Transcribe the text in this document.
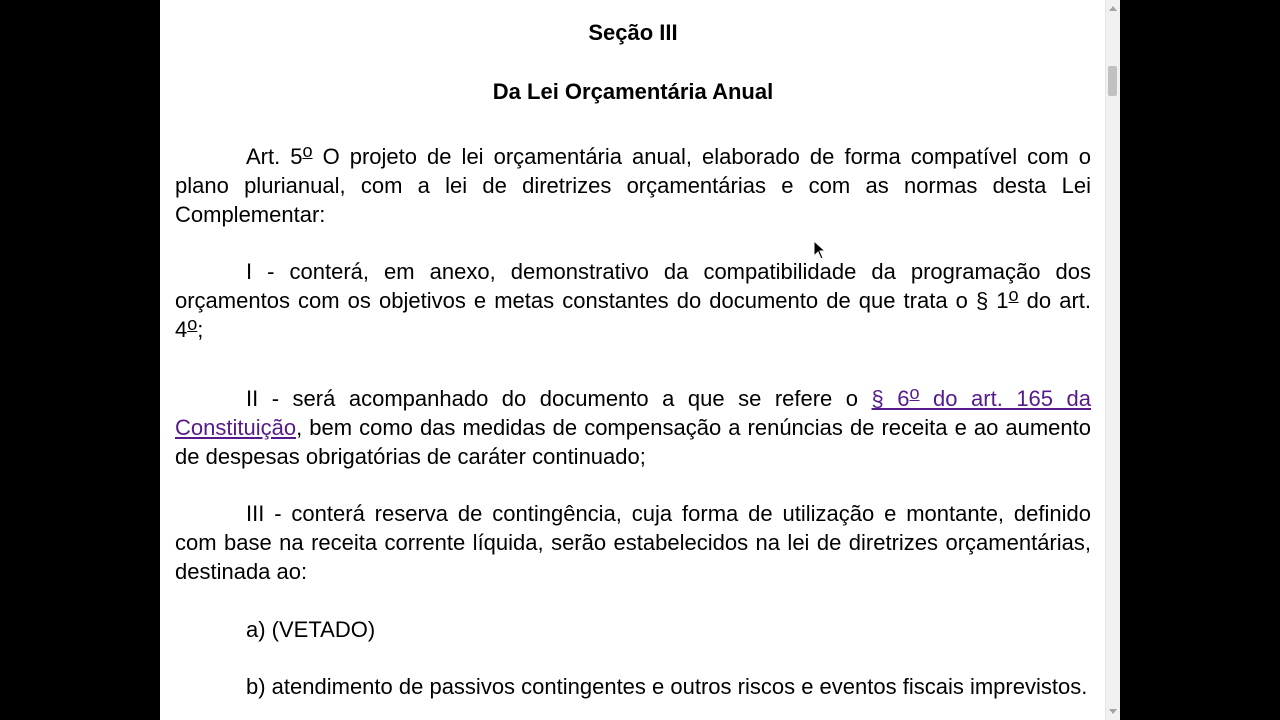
Seção III

Da Lei Orçamentária Anual

Art. 5$^o$ O projeto de lei orçamentária anual, elaborado de forma compatível com o plano plurianual, com a lei de diretrizes orçamentárias e com as normas desta Lei Complementar:

I - conterá, em anexo, demonstrativo da compatibilidade da programação dos orçamentos com os objetivos e metas constantes do documento de que trata o § 1$^o$ do art. 4$^o$;

II - será acompanhado do documento a que se refere o § 6$^o$ do art. 165 da Constituição, bem como das medidas de compensação a renúncias de receita e ao aumento de despesas obrigatórias de caráter continuado;

III - conterá reserva de contingência, cuja forma de utilização e montante, definido com base na receita corrente líquida, serão estabelecidos na lei de diretrizes orçamentárias, destinada ao:

a) (VETADO)

b) atendimento de passivos contingentes e outros riscos e eventos fiscais imprevistos.
